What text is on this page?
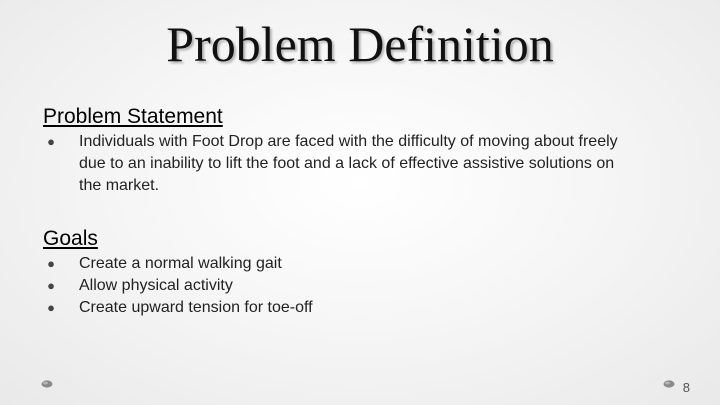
Problem Definition
Problem Statement
● Individuals with Foot Drop are faced with the difficulty of moving about freely due to an inability to lift the foot and a lack of effective assistive solutions on the market.
Goals
● Create a normal walking gait
● Allow physical activity
● Create upward tension for toe-off
8
